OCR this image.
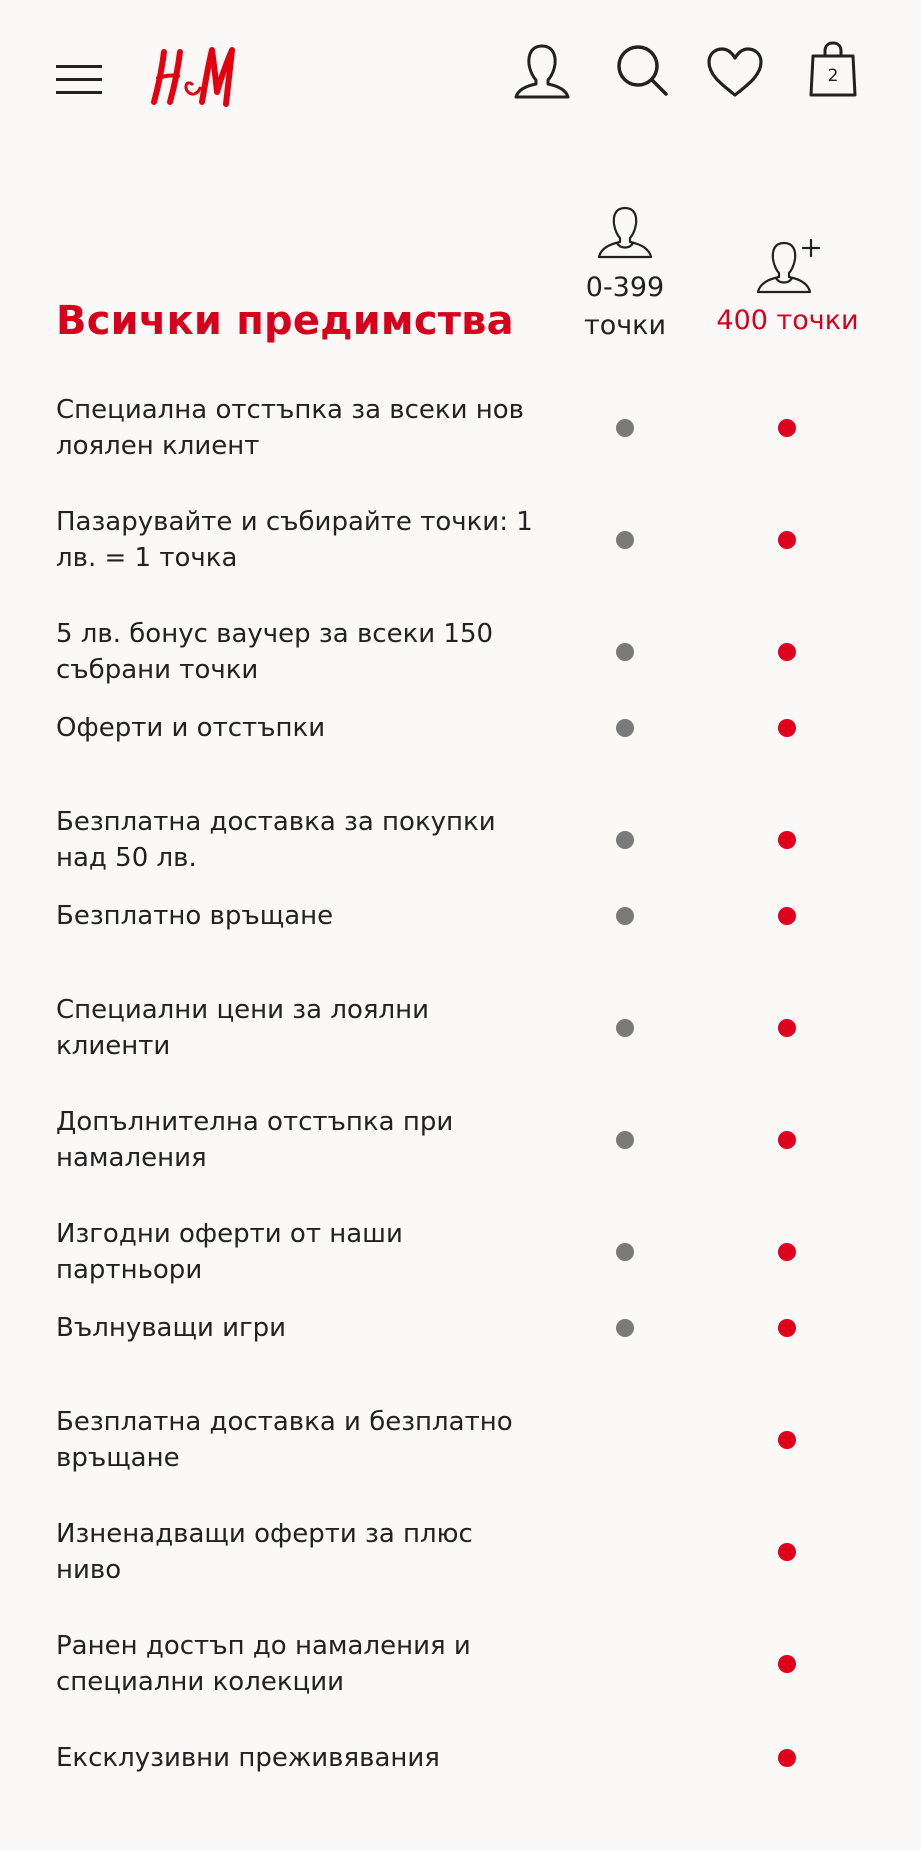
2
0-399
точки	400 точки
Всички предимства
Специална отстъпка за всеки нов лоялен клиент
Пазарувайте и събирайте точки: 1 лв. = 1 точка
5 лв. бонус ваучер за всеки 150 събрани точки
Оферти и отстъпки
Безплатна доставка за покупки над 50 лв.
Безплатно връщане
Специални цени за лоялни клиенти
Допълнителна отстъпка при намаления
Изгодни оферти от наши партньори
Вълнуващи игри
Безплатна доставка и безплатно връщане
Изненадващи оферти за плюс ниво
Ранен достъп до намаления и специални колекции
Ексклузивни преживявания
